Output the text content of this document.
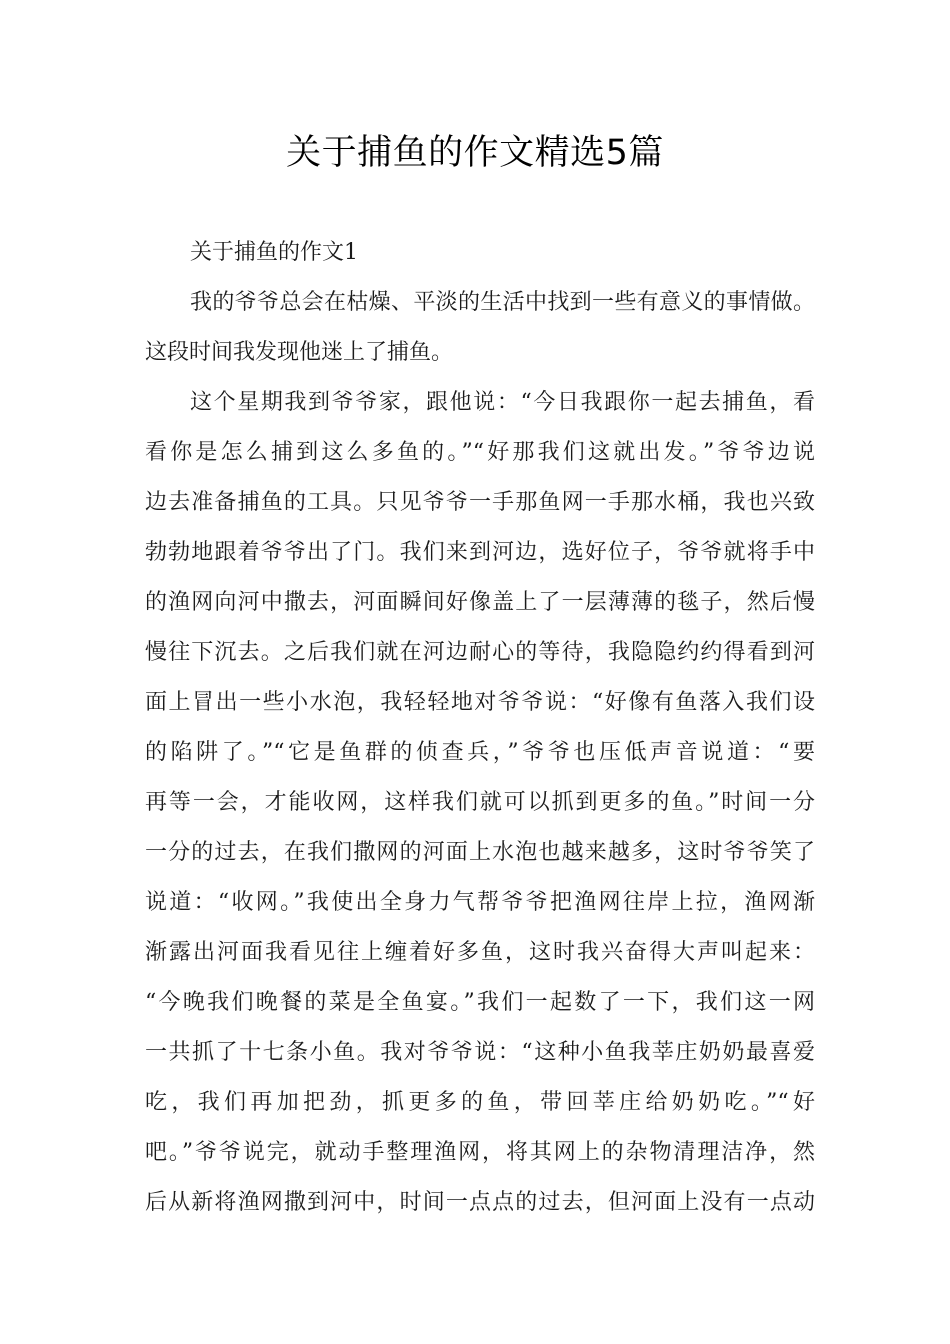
关于捕鱼的作文精选5篇
关于捕鱼的作文1
我的爷爷总会在枯燥、平淡的生活中找到一些有意义的事情做。
这段时间我发现他迷上了捕鱼。
这个星期我到爷爷家，跟他说：“今日我跟你一起去捕鱼，看
看你是怎么捕到这么多鱼的。”“好那我们这就出发。”爷爷边说
边去准备捕鱼的工具。只见爷爷一手那鱼网一手那水桶，我也兴致
勃勃地跟着爷爷出了门。我们来到河边，选好位子，爷爷就将手中
的渔网向河中撒去，河面瞬间好像盖上了一层薄薄的毯子，然后慢
慢往下沉去。之后我们就在河边耐心的等待，我隐隐约约得看到河
面上冒出一些小水泡，我轻轻地对爷爷说：“好像有鱼落入我们设
的陷阱了。”“它是鱼群的侦查兵，”爷爷也压低声音说道：“要
再等一会，才能收网，这样我们就可以抓到更多的鱼。”时间一分
一分的过去，在我们撒网的河面上水泡也越来越多，这时爷爷笑了
说道：“收网。”我使出全身力气帮爷爷把渔网往岸上拉，渔网渐
渐露出河面我看见往上缠着好多鱼，这时我兴奋得大声叫起来：
“今晚我们晚餐的菜是全鱼宴。”我们一起数了一下，我们这一网
一共抓了十七条小鱼。我对爷爷说：“这种小鱼我莘庄奶奶最喜爱
吃，我们再加把劲，抓更多的鱼，带回莘庄给奶奶吃。”“好
吧。”爷爷说完，就动手整理渔网，将其网上的杂物清理洁净，然
后从新将渔网撒到河中，时间一点点的过去，但河面上没有一点动
